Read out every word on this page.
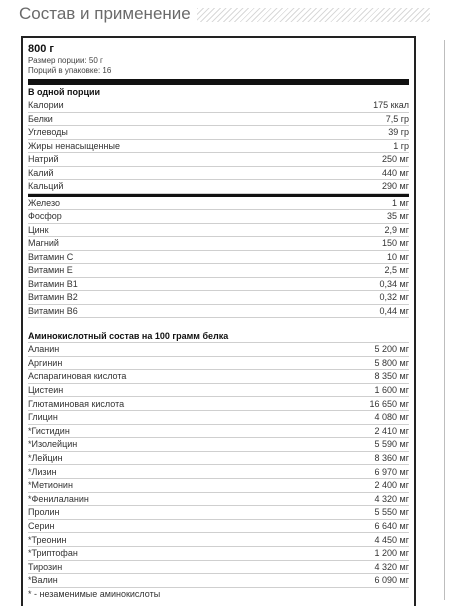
Состав и применение
800 г
Размер порции: 50 г
Порций в упаковке: 16
В одной порции
Калории	175 ккал
Белки	7,5 гр
Углеводы	39 гр
Жиры ненасыщенные	1 гр
Натрий	250 мг
Калий	440 мг
Кальций	290 мг
Железо	1 мг
Фосфор	35 мг
Цинк	2,9 мг
Магний	150 мг
Витамин С	10 мг
Витамин Е	2,5 мг
Витамин В1	0,34 мг
Витамин В2	0,32 мг
Витамин В6	0,44 мг
Аминокислотный состав на 100 грамм белка
Аланин	5 200 мг
Аргинин	5 800 мг
Аспарагиновая кислота	8 350 мг
Цистеин	1 600 мг
Глютаминовая кислота	16 650 мг
Глицин	4 080 мг
*Гистидин	2 410 мг
*Изолейцин	5 590 мг
*Лейцин	8 360 мг
*Лизин	6 970 мг
*Метионин	2 400 мг
*Фенилаланин	4 320 мг
Пролин	5 550 мг
Серин	6 640 мг
*Треонин	4 450 мг
*Триптофан	1 200 мг
Тирозин	4 320 мг
*Валин	6 090 мг
* - незаменимые аминокислоты
